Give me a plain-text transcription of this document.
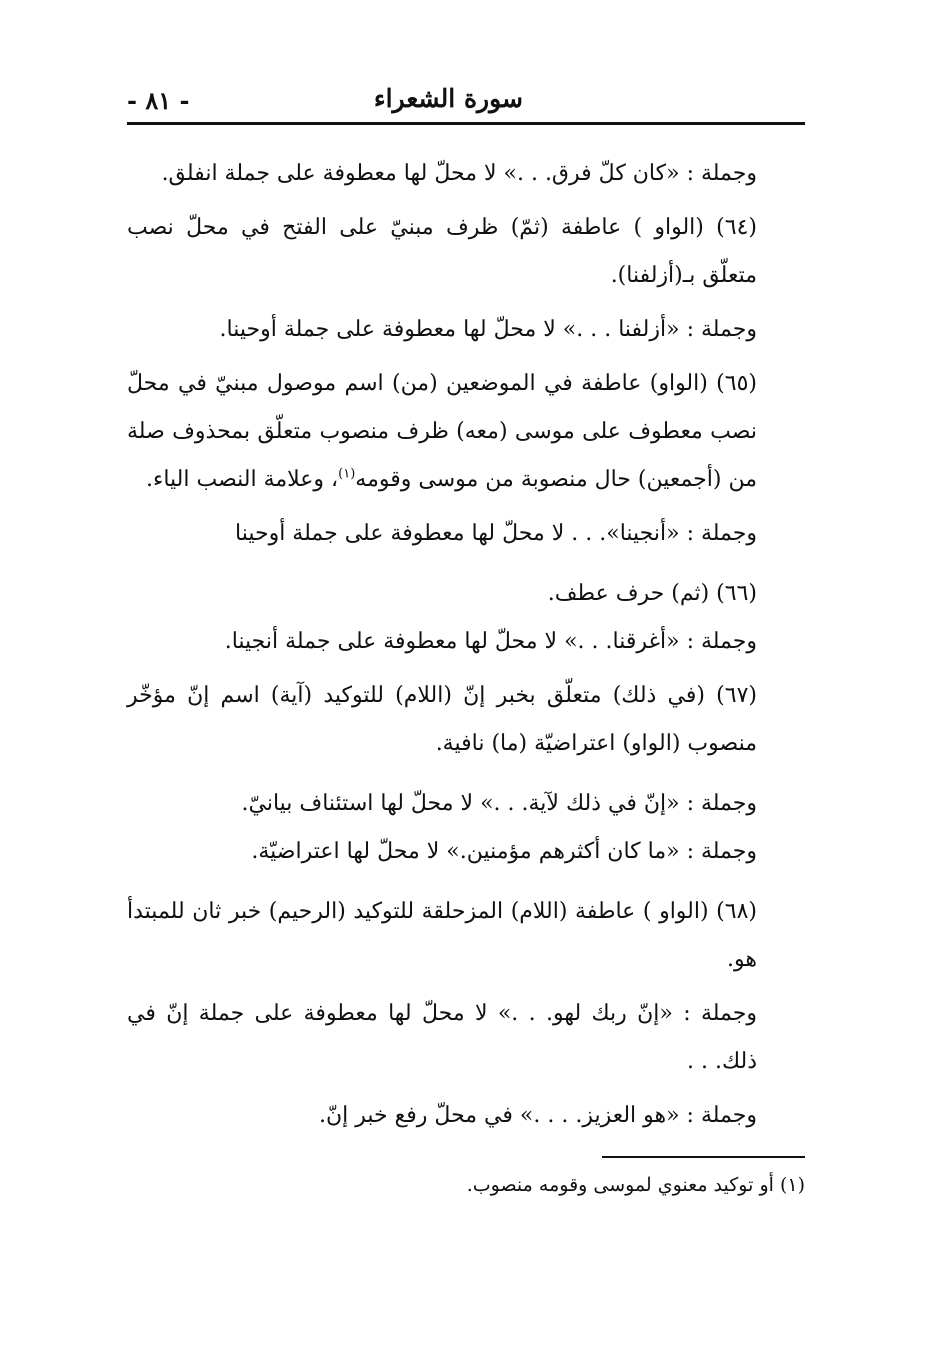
سورة الشعراء
- ٨١ -

وجملة : «كان كلّ فرق. . .» لا محلّ لها معطوفة على جملة انفلق.

(٦٤) (الواو ) عاطفة (ثمّ) ظرف مبنيّ على الفتح في محلّ نصب متعلّق بـ(أزلفنا).

وجملة : «أزلفنا . . .» لا محلّ لها معطوفة على جملة أوحينا.

(٦٥) (الواو) عاطفة في الموضعين (من) اسم موصول مبنيّ في محلّ نصب معطوف على موسى (معه) ظرف منصوب متعلّق بمحذوف صلة من (أجمعين) حال منصوبة من موسى وقومه$^{(١)}$، وعلامة النصب الياء.

وجملة : «أنجينا». . . لا محلّ لها معطوفة على جملة أوحينا

(٦٦) (ثم) حرف عطف.

وجملة : «أغرقنا. . .» لا محلّ لها معطوفة على جملة أنجينا.

(٦٧) (في ذلك) متعلّق بخبر إنّ (اللام) للتوكيد (آية) اسم إنّ مؤخّر منصوب (الواو) اعتراضيّة (ما) نافية.

وجملة : «إنّ في ذلك لآية. . .» لا محلّ لها استئناف بيانيّ.

وجملة : «ما كان أكثرهم مؤمنين.» لا محلّ لها اعتراضيّة.

(٦٨) (الواو ) عاطفة (اللام) المزحلقة للتوكيد (الرحيم) خبر ثان للمبتدأ هو.

وجملة : «إنّ ربك لهو. . .» لا محلّ لها معطوفة على جملة إنّ في ذلك. . .

وجملة : «هو العزيز. . . .» في محلّ رفع خبر إنّ.

(١) أو توكيد معنوي لموسى وقومه منصوب.
